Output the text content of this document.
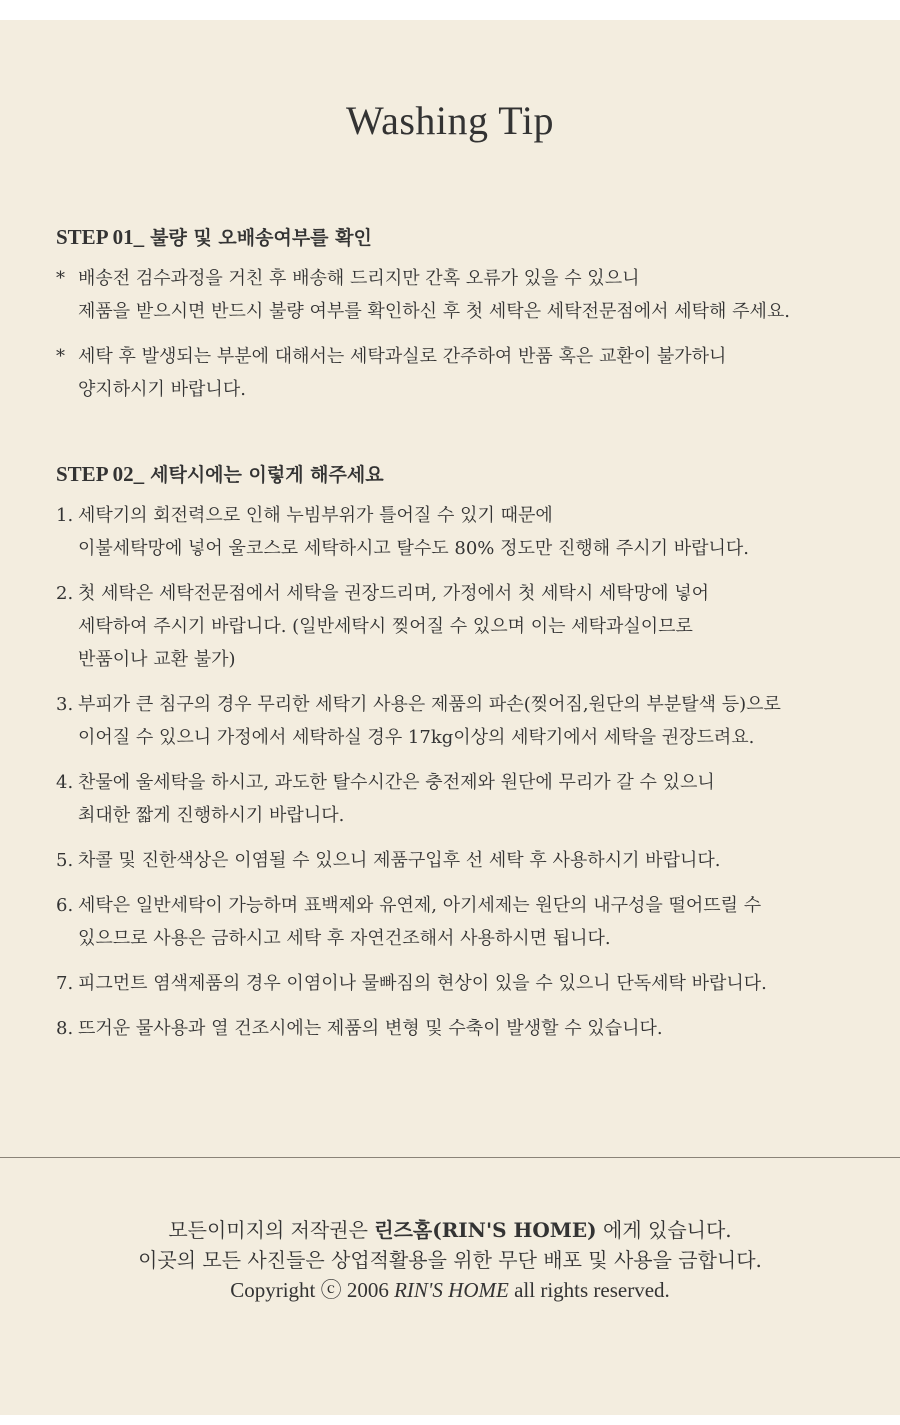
Washing Tip
STEP 01_ 불량 및 오배송여부를 확인
* 배송전 검수과정을 거친 후 배송해 드리지만 간혹 오류가 있을 수 있으니
제품을 받으시면 반드시 불량 여부를 확인하신 후 첫 세탁은 세탁전문점에서 세탁해 주세요.
* 세탁 후 발생되는 부분에 대해서는 세탁과실로 간주하여 반품 혹은 교환이 불가하니
양지하시기 바랍니다.
STEP 02_ 세탁시에는 이렇게 해주세요
1. 세탁기의 회전력으로 인해 누빔부위가 틀어질 수 있기 때문에
이불세탁망에 넣어 울코스로 세탁하시고 탈수도 80% 정도만 진행해 주시기 바랍니다.
2. 첫 세탁은 세탁전문점에서 세탁을 권장드리며, 가정에서 첫 세탁시 세탁망에 넣어
세탁하여 주시기 바랍니다. (일반세탁시 찢어질 수 있으며 이는 세탁과실이므로
반품이나 교환 불가)
3. 부피가 큰 침구의 경우 무리한 세탁기 사용은 제품의 파손(찢어짐,원단의 부분탈색 등)으로
이어질 수 있으니 가정에서 세탁하실 경우 17kg이상의 세탁기에서 세탁을 권장드려요.
4. 찬물에 울세탁을 하시고, 과도한 탈수시간은 충전제와 원단에 무리가 갈 수 있으니
최대한 짧게 진행하시기 바랍니다.
5. 차콜 및 진한색상은 이염될 수 있으니 제품구입후 선 세탁 후 사용하시기 바랍니다.
6. 세탁은 일반세탁이 가능하며 표백제와 유연제, 아기세제는 원단의 내구성을 떨어뜨릴 수
있으므로 사용은 금하시고 세탁 후 자연건조해서 사용하시면 됩니다.
7. 피그먼트 염색제품의 경우 이염이나 물빠짐의 현상이 있을 수 있으니 단독세탁 바랍니다.
8. 뜨거운 물사용과 열 건조시에는 제품의 변형 및 수축이 발생할 수 있습니다.
모든이미지의 저작권은 린즈홈(RIN'S HOME) 에게 있습니다.
이곳의 모든 사진들은 상업적활용을 위한 무단 배포 및 사용을 금합니다.
Copyright ⓒ 2006 RIN'S HOME all rights reserved.
